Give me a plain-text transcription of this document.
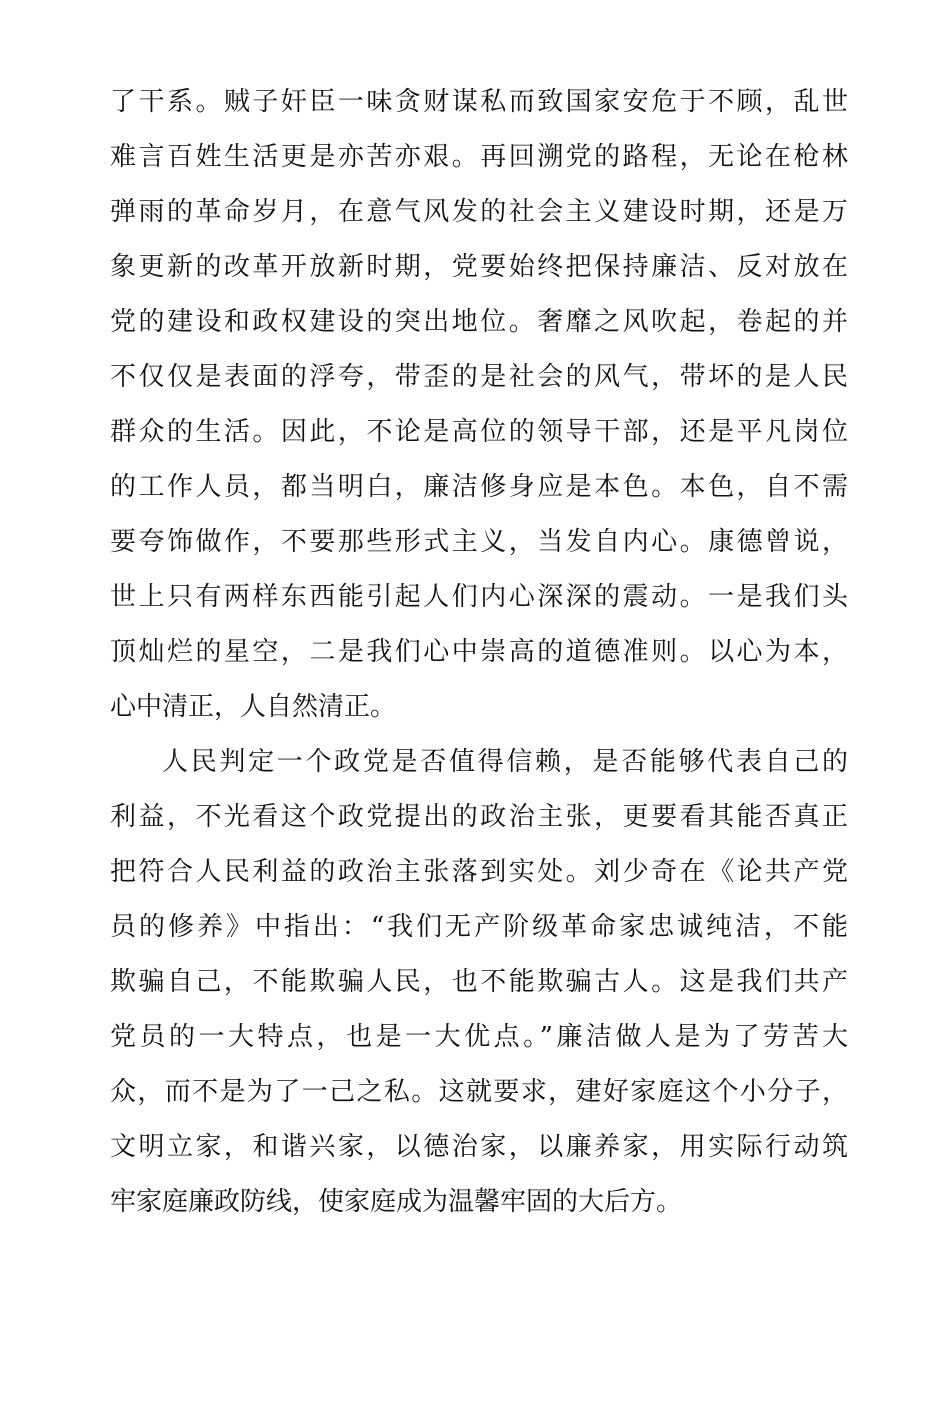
了干系。贼子奸臣一味贪财谋私而致国家安危于不顾，乱世
难言百姓生活更是亦苦亦艰。再回溯党的路程，无论在枪林
弹雨的革命岁月，在意气风发的社会主义建设时期，还是万
象更新的改革开放新时期，党要始终把保持廉洁、反对放在
党的建设和政权建设的突出地位。奢靡之风吹起，卷起的并
不仅仅是表面的浮夸，带歪的是社会的风气，带坏的是人民
群众的生活。因此，不论是高位的领导干部，还是平凡岗位
的工作人员，都当明白，廉洁修身应是本色。本色，自不需
要夸饰做作，不要那些形式主义，当发自内心。康德曾说，
世上只有两样东西能引起人们内心深深的震动。一是我们头
顶灿烂的星空，二是我们心中崇高的道德准则。以心为本，
心中清正，人自然清正。
人民判定一个政党是否值得信赖，是否能够代表自己的
利益，不光看这个政党提出的政治主张，更要看其能否真正
把符合人民利益的政治主张落到实处。刘少奇在《论共产党
员的修养》中指出：“我们无产阶级革命家忠诚纯洁，不能
欺骗自己，不能欺骗人民，也不能欺骗古人。这是我们共产
党员的一大特点，也是一大优点。”廉洁做人是为了劳苦大
众，而不是为了一己之私。这就要求，建好家庭这个小分子，
文明立家，和谐兴家，以德治家，以廉养家，用实际行动筑
牢家庭廉政防线，使家庭成为温馨牢固的大后方。
